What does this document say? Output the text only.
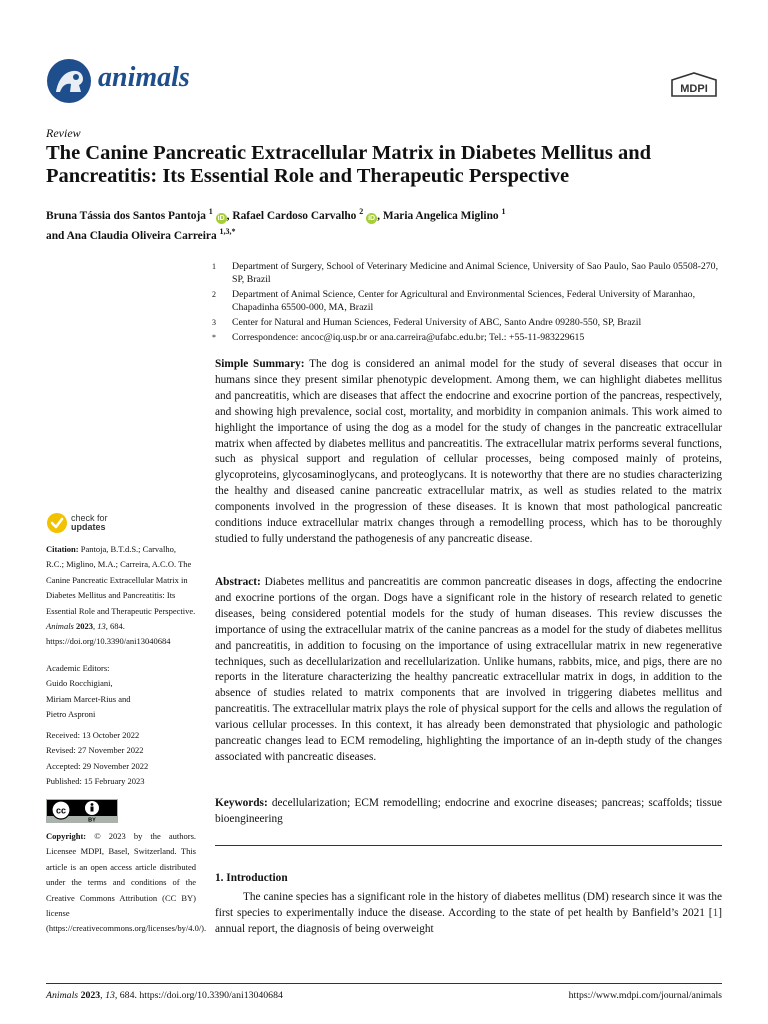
animals	MDPI
Review
The Canine Pancreatic Extracellular Matrix in Diabetes Mellitus and Pancreatitis: Its Essential Role and Therapeutic Perspective
Bruna Tássia dos Santos Pantoja $^1$ iD , Rafael Cardoso Carvalho $^2$ iD , Maria Angelica Miglino $^1$
and Ana Claudia Oliveira Carreira $^{1,3,*}$
1	Department of Surgery, School of Veterinary Medicine and Animal Science, University of Sao Paulo, Sao Paulo 05508-270, SP, Brazil
2	Department of Animal Science, Center for Agricultural and Environmental Sciences, Federal University of Maranhao, Chapadinha 65500-000, MA, Brazil
3	Center for Natural and Human Sciences, Federal University of ABC, Santo Andre 09280-550, SP, Brazil
*	Correspondence: ancoc@iq.usp.br or ana.carreira@ufabc.edu.br; Tel.: +55-11-983229615
Simple Summary: The dog is considered an animal model for the study of several diseases that occur in humans since they present similar phenotypic development. Among them, we can highlight diabetes mellitus and pancreatitis, which are diseases that affect the endocrine and exocrine portion of the pancreas, respectively, and showing high prevalence, social cost, mortality, and morbidity in companion animals. This work aimed to highlight the importance of using the dog as a model for the study of changes in the pancreatic extracellular matrix when affected by diabetes mellitus and pancreatitis. The extracellular matrix performs several functions, such as physical support and regulation of cellular processes, being composed mainly of proteins, glycoproteins, glycosaminoglycans, and proteoglycans. It is noteworthy that there are no studies characterizing the healthy and diseased canine pancreatic extracellular matrix, as well as studies related to the matrix components involved in the progression of these diseases. It is known that most pathological pancreatic conditions induce extracellular matrix changes through a remodelling process, which has to be thoroughly studied to fully understand the pathogenesis of any pancreatic disease.
Abstract: Diabetes mellitus and pancreatitis are common pancreatic diseases in dogs, affecting the endocrine and exocrine portions of the organ. Dogs have a significant role in the history of research related to genetic diseases, being considered potential models for the study of human diseases. This review discusses the importance of using the extracellular matrix of the canine pancreas as a model for the study of diabetes mellitus and pancreatitis, in addition to focusing on the importance of using extracellular matrix in new regenerative techniques, such as decellularization and recellularization. Unlike humans, rabbits, mice, and pigs, there are no reports in the literature characterizing the healthy pancreatic extracellular matrix in dogs, in addition to the absence of studies related to matrix components that are involved in triggering diabetes mellitus and pancreatitis. The extracellular matrix plays the role of physical support for the cells and allows the regulation of various cellular processes. In this context, it has already been demonstrated that physiologic and pathologic pancreatic changes lead to ECM remodeling, highlighting the importance of an in-depth study of the changes associated with pancreatic diseases.
Keywords: decellularization; ECM remodelling; endocrine and exocrine diseases; pancreas; scaffolds; tissue bioengineering
1. Introduction
The canine species has a significant role in the history of diabetes mellitus (DM) research since it was the first species to experimentally induce the disease. According to the state of pet health by Banfield’s 2021 [1] annual report, the diagnosis of being overweight
check for
updates
Citation: Pantoja, B.T.d.S.; Carvalho, R.C.; Miglino, M.A.; Carreira, A.C.O. The Canine Pancreatic Extracellular Matrix in Diabetes Mellitus and Pancreatitis: Its Essential Role and Therapeutic Perspective. Animals 2023, 13, 684. https://doi.org/10.3390/ani13040684
Academic Editors:
Guido Rocchigiani,
Miriam Marcet-Rius and
Pietro Asproni
Received: 13 October 2022
Revised: 27 November 2022
Accepted: 29 November 2022
Published: 15 February 2023
cc
BY
Copyright: © 2023 by the authors. Licensee MDPI, Basel, Switzerland. This article is an open access article distributed under the terms and conditions of the Creative Commons Attribution (CC BY) license (https://creativecommons.org/licenses/by/4.0/).
Animals 2023, 13, 684. https://doi.org/10.3390/ani13040684	https://www.mdpi.com/journal/animals
